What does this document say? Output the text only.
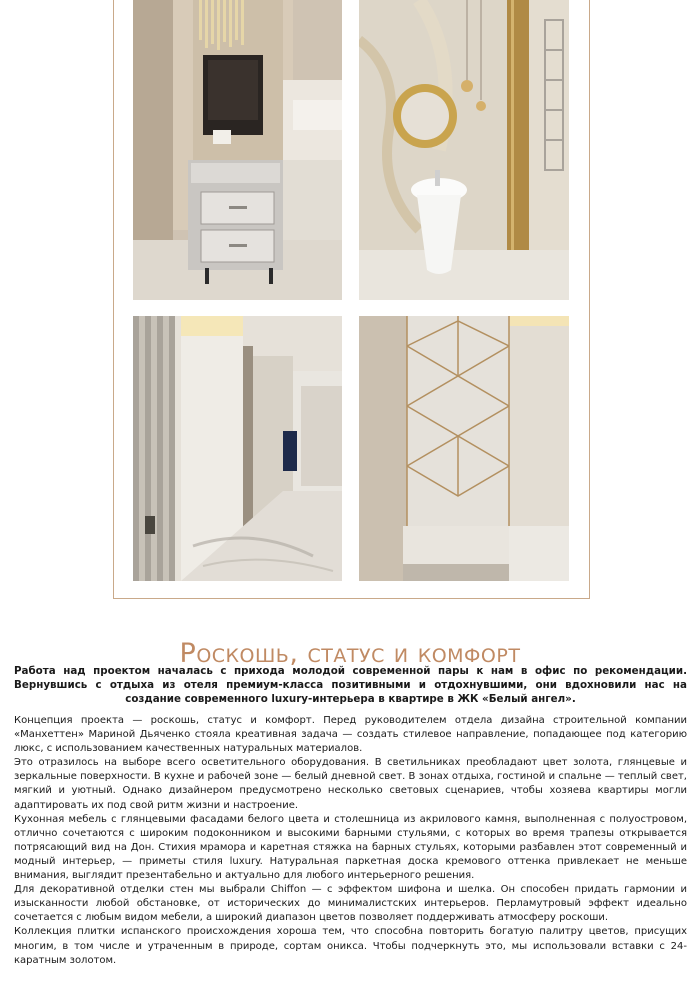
Роскошь, статус и комфорт

Работа над проектом началась с прихода молодой современной пары к нам в офис по рекомендации. Вернувшись с отдыха из отеля премиум-класса позитивными и отдохнувшими, они вдохновили нас на создание современного luxury-интерьера в квартире в ЖК «Белый ангел».

Концепция проекта — роскошь, статус и комфорт. Перед руководителем отдела дизайна строительной компании «Манхеттен» Мариной Дьяченко стояла креативная задача — создать стилевое направление, попадающее под категорию люкс, с использованием качественных натуральных материалов.

Это отразилось на выборе всего осветительного оборудования. В светильниках преобладают цвет золота, глянцевые и зеркальные поверхности. В кухне и рабочей зоне — белый дневной свет. В зонах отдыха, гостиной и спальне — теплый свет, мягкий и уютный. Однако дизайнером предусмотрено несколько световых сценариев, чтобы хозяева квартиры могли адаптировать их под свой ритм жизни и настроение.

Кухонная мебель с глянцевыми фасадами белого цвета и столешница из акрилового камня, выполненная с полуостровом, отлично сочетаются с широким подоконником и высокими барными стульями, с которых во время трапезы открывается потрясающий вид на Дон. Стихия мрамора и каретная стяжка на барных стульях, которыми разбавлен этот современный и модный интерьер, — приметы стиля luxury. Натуральная паркетная доска кремового оттенка привлекает не меньше внимания, выглядит презентабельно и актуально для любого интерьерного решения.

Для декоративной отделки стен мы выбрали Chiffon — с эффектом шифона и шелка. Он способен придать гармонии и изысканности любой обстановке, от исторических до минималистских интерьеров. Перламутровый эффект идеально сочетается с любым видом мебели, а широкий диапазон цветов позволяет поддерживать атмосферу роскоши.

Коллекция плитки испанского происхождения хороша тем, что способна повторить богатую палитру цветов, присущих многим, в том числе и утраченным в природе, сортам оникса. Чтобы подчеркнуть это, мы использовали вставки с 24-каратным золотом.
